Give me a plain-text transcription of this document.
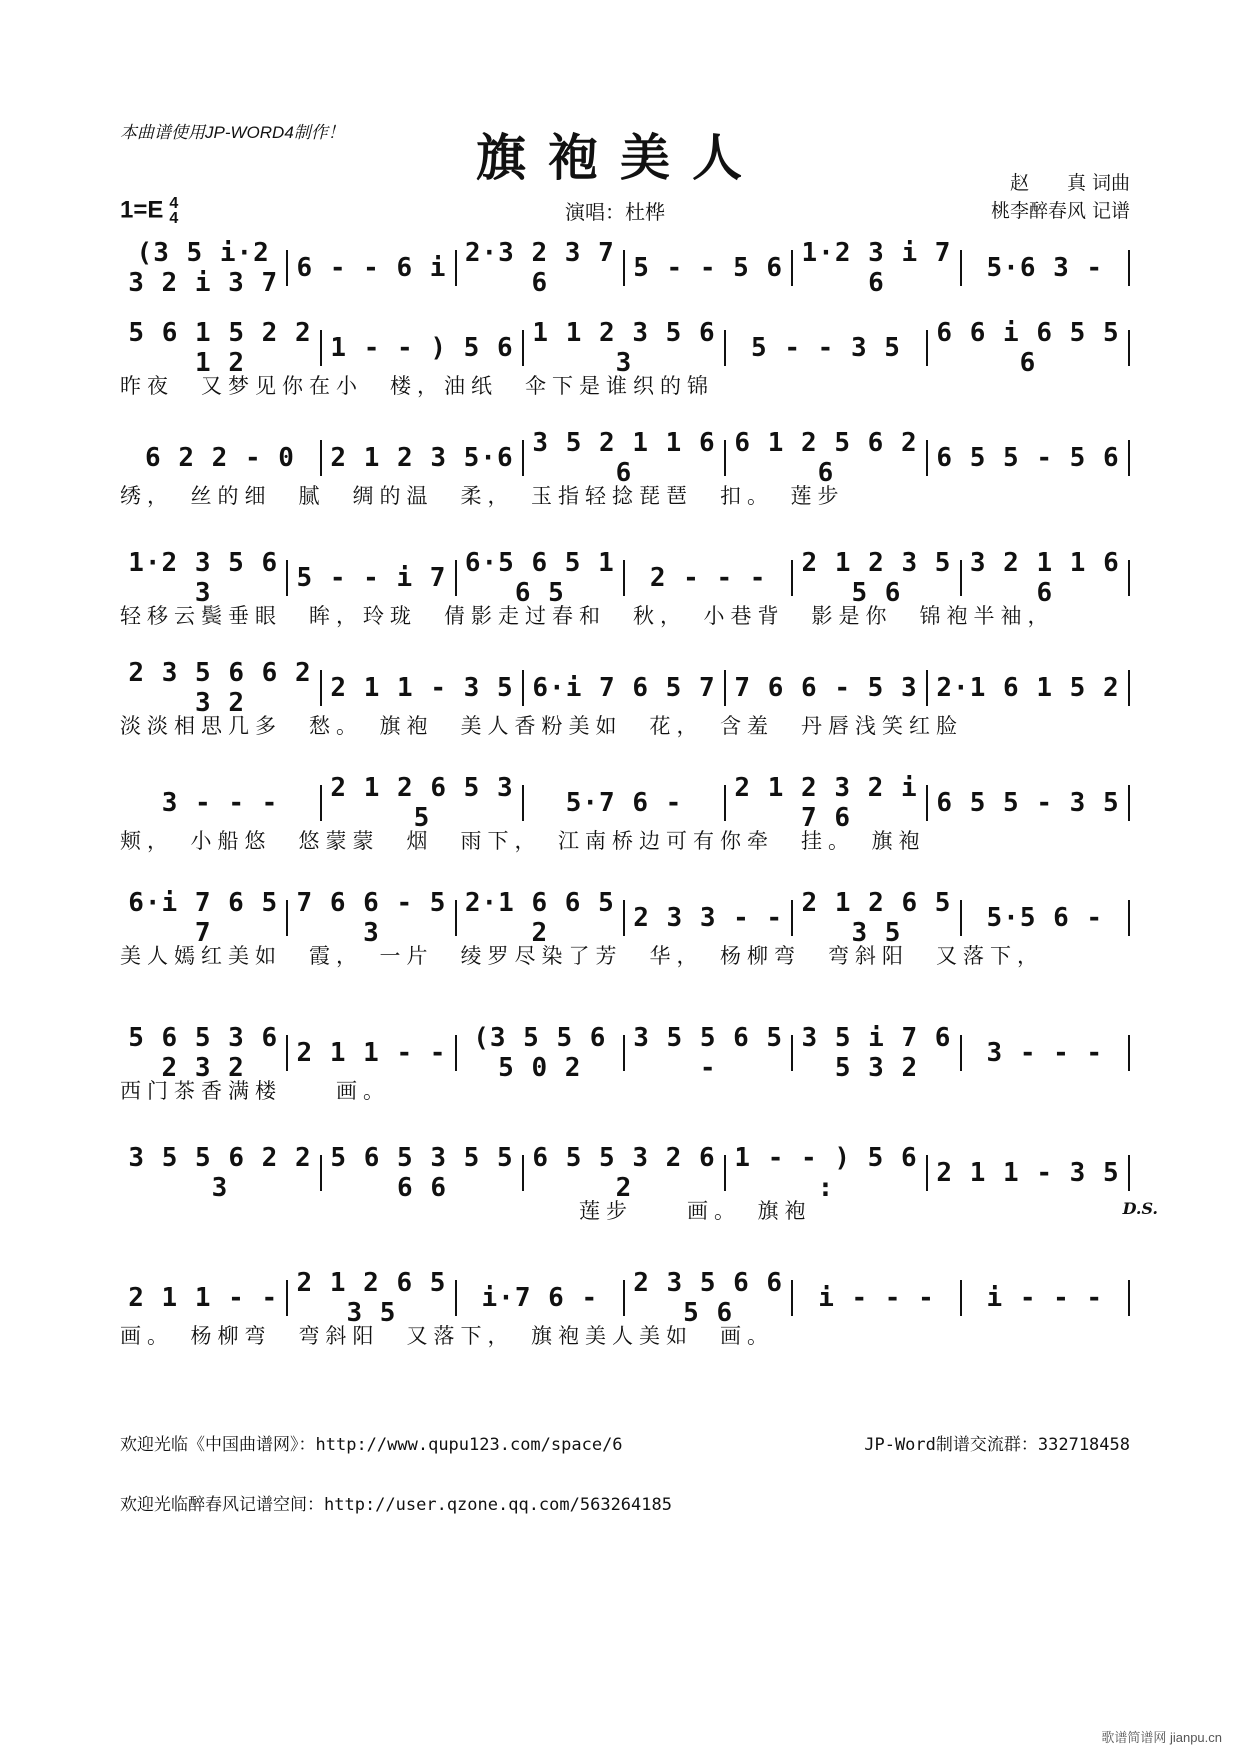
本曲谱使用JP-WORD4制作！	旗袍美人	赵　　真 词曲
桃李醉春风 记谱
1=E 4
4	演唱：杜桦
(3 5 i·2 3 2 i 3 7 6 - - 6 i 2·3 2 3 7 6	5 - - 5 6 1·2 3 i 7 6	5·6 3 -
5 6 1 5 2 2 1 2	1 - - ) 5 6 1 1 2 3 5 6 3	5 - - 3 5	6 6 i 6 5 5 6
昨夜　又梦见你在小　楼，油纸　伞下是谁织的锦
6 2 2 - 0	2 1 2 3 5·6 3 5 2 1 1 6 6
6 1 2 5 6 2 6	6 5 5 - 5 6
绣，　丝的细　腻　绸的温　柔，　玉指轻捻琵琶　扣。　莲步
1·2 3 5 6 3	5 - - i 7 6·5 6 5 1 6 5	2 - - -	2 1 2 3 5 5 6
3 2 1 1 6 6
轻移云鬓垂眼　眸，玲珑　倩影走过春和　秋，　小巷背　影是你　锦袍半袖，
2 3 5 6 6 2 3 2	2 1 1 - 3 5 6·i 7 6 5 7 7 6 6 - 5 3 2·1 6 1 5 2
淡淡相思几多　愁。　旗袍　美人香粉美如　花，　含羞　丹唇浅笑红脸
3 - - -	2 1 2 6 5 3 5	5·7 6 -	2 1 2 3 2 i 7 6	6 5 5 - 3 5
颊，　小船悠　悠蒙蒙　烟　雨下，　江南桥边可有你牵　挂。　旗袍
6·i 7 6 5 7
7 6 6 - 5 3
2·1 6 6 5 2	2 3 3 - - 2 1 2 6 5 3 5	5·5 6 -
美人嫣红美如　霞，　一片　绫罗尽染了芳　华，　杨柳弯　弯斜阳　又落下，
5 6 5 3 6 2 3 2	2 1 1 - -	(3 5 5 6 5 0 2
3 5 5 6 5 -
3 5 i 7 6 5 3 2	3 - - -
西门茶香满楼　　画。
3 5 5 6 2 2 3
5 6 5 3 5 5 6 6
6 5 5 3 2 6 2
1 - - ) 5 6 :	2 1 1 - 3 5
　　　　　　　　　　　　　　　　　莲步　　画。　旗袍	D.S.
2 1 1 - - 2 1 2 6 5 3 5	i·7 6 -	2 3 5 6 6 5 6	i - - -	i - - -
画。　杨柳弯　弯斜阳　又落下，　旗袍美人美如　画。
欢迎光临《中国曲谱网》：http://www.qupu123.com/space/6	JP-Word制谱交流群：332718458
欢迎光临醉春风记谱空间：http://user.qzone.qq.com/563264185
歌谱简谱网 jianpu.cn
